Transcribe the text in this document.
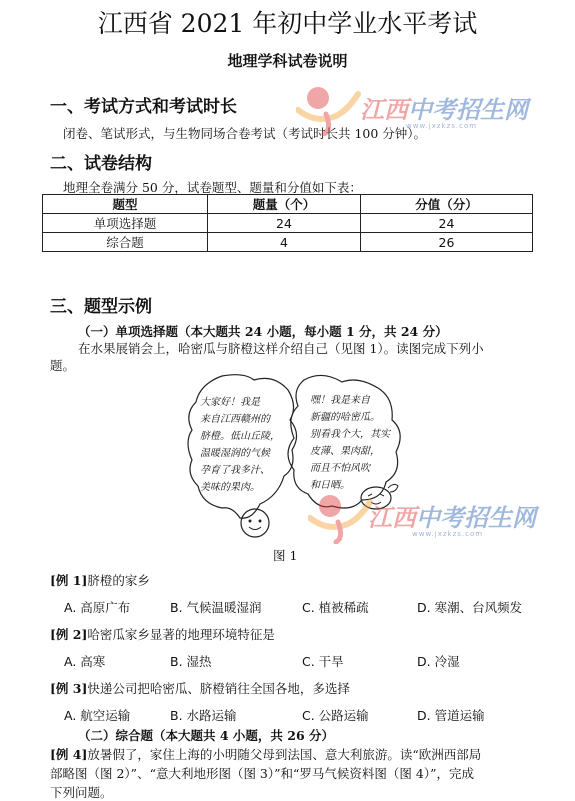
江西省 2021 年初中学业水平考试
地理学科试卷说明
一、考试方式和考试时长
闭卷、笔试形式，与生物同场合卷考试（考试时长共 100 分钟）。
江西中考招生网
www.jxzkzs.com
二、试卷结构
地理全卷满分 50 分，试卷题型、题量和分值如下表：
题型	题量（个）	分值（分）
单项选择题	24	24
综合题	4	26
三、题型示例
（一）单项选择题（本大题共 24 小题，每小题 1 分，共 24 分）
在水果展销会上，哈密瓜与脐橙这样介绍自己（见图 1）。读图完成下列小
题。
大家好！我是
来自江西赣州的
脐橙。低山丘陵，
温暖湿润的气候
孕育了我多汁、
美味的果肉。
嘿！我是来自
新疆的哈密瓜。
别看我个大，其实
皮薄、果肉甜，
而且不怕风吹
和日晒。
江西中考招生网
www.jxzkzs.com
图 1
[例 1]脐橙的家乡
A. 高原广布	B. 气候温暖湿润	C. 植被稀疏	D. 寒潮、台风频发
[例 2]哈密瓜家乡显著的地理环境特征是
A. 高寒	B. 湿热	C. 干旱	D. 冷湿
[例 3]快递公司把哈密瓜、脐橙销往全国各地，多选择
A. 航空运输	B. 水路运输	C. 公路运输	D. 管道运输
（二）综合题（本大题共 4 小题，共 26 分）
[例 4]放暑假了，家住上海的小明随父母到法国、意大利旅游。读“欧洲西部局
部略图（图 2）”、“意大利地形图（图 3）”和“罗马气候资料图（图 4）”，完成
下列问题。
